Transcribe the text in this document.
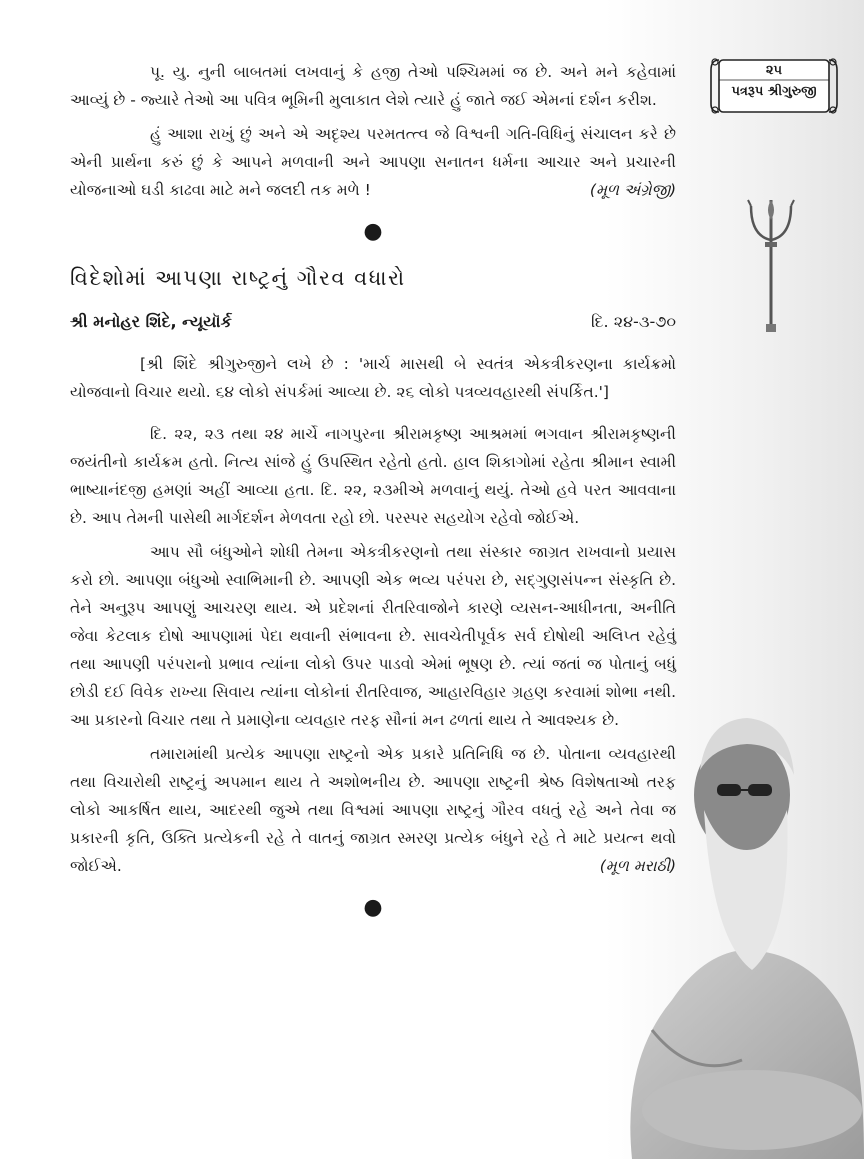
૨૫
પત્રરૂપ શ્રીગુરુજી

પૂ. યુ. નુની બાબતમાં લખવાનું કે હજી તેઓ પશ્ચિમમાં જ છે. અને મને કહેવામાં આવ્યું છે - જ્યારે તેઓ આ પવિત્ર ભૂમિની મુલાકાત લેશે ત્યારે હું જાતે જઈ એમનાં દર્શન કરીશ.

હું આશા રાખું છું અને એ અદૃશ્ય પરમતત્ત્વ જે વિશ્વની ગતિ-વિધિનું સંચાલન કરે છે એની પ્રાર્થના કરું છું કે આપને મળવાની અને આપણા સનાતન ધર્મના આચાર અને પ્રચારની યોજનાઓ ઘડી કાઢવા માટે મને જલદી તક મળે !	(મૂળ અંગ્રેજી)

●
વિદેશોમાં આપણા રાષ્ટ્રનું ગૌરવ વધારો
શ્રી મનોહર શિંદે, ન્યૂયૉર્ક	દિ. ૨૪-૩-૭૦

[શ્રી શિંદે શ્રીગુરુજીને લખે છે : 'માર્ચ માસથી બે સ્વતંત્ર એકત્રીકરણના કાર્યક્રમો યોજવાનો વિચાર થયો. ૬૪ લોકો સંપર્કમાં આવ્યા છે. ૨૬ લોકો પત્રવ્યવહારથી સંપર્કિત.']

દિ. ૨૨, ૨૩ તથા ૨૪ માર્ચે નાગપુરના શ્રીરામકૃષ્ણ આશ્રમમાં ભગવાન શ્રીરામકૃષ્ણની જયંતીનો કાર્યક્રમ હતો. નિત્ય સાંજે હું ઉપસ્થિત રહેતો હતો. હાલ શિકાગોમાં રહેતા શ્રીમાન સ્વામી ભાષ્યાનંદજી હમણાં અહીં આવ્યા હતા. દિ. ૨૨, ૨૩મીએ મળવાનું થયું. તેઓ હવે પરત આવવાના છે. આપ તેમની પાસેથી માર્ગદર્શન મેળવતા રહો છો. પરસ્પર સહયોગ રહેવો જોઈએ.

આપ સૌ બંધુઓને શોધી તેમના એકત્રીકરણનો તથા સંસ્કાર જાગ્રત રાખવાનો પ્રયાસ કરો છો. આપણા બંધુઓ સ્વાભિમાની છે. આપણી એક ભવ્ય પરંપરા છે, સદ્‌ગુણસંપન્ન સંસ્કૃતિ છે. તેને અનુરૂપ આપણું આચરણ થાય. એ પ્રદેશનાં રીતરિવાજોને કારણે વ્યસન-આધીનતા, અનીતિ જેવા કેટલાક દોષો આપણામાં પેદા થવાની સંભાવના છે. સાવચેતીપૂર્વક સર્વ દોષોથી અલિપ્ત રહેવું તથા આપણી પરંપરાનો પ્રભાવ ત્યાંના લોકો ઉપર પાડવો એમાં ભૂષણ છે. ત્યાં જતાં જ પોતાનું બધું છોડી દઈ વિવેક રાખ્યા સિવાય ત્યાંના લોકોનાં રીતરિવાજ, આહારવિહાર ગ્રહણ કરવામાં શોભા નથી. આ પ્રકારનો વિચાર તથા તે પ્રમાણેના વ્યવહાર તરફ સૌનાં મન ઢળતાં થાય તે આવશ્યક છે.

તમારામાંથી પ્રત્યેક આપણા રાષ્ટ્રનો એક પ્રકારે પ્રતિનિધિ જ છે. પોતાના વ્યવહારથી તથા વિચારોથી રાષ્ટ્રનું અપમાન થાય તે અશોભનીય છે. આપણા રાષ્ટ્રની શ્રેષ્ઠ વિશેષતાઓ તરફ લોકો આકર્ષિત થાય, આદરથી જુએ તથા વિશ્વમાં આપણા રાષ્ટ્રનું ગૌરવ વધતું રહે અને તેવા જ પ્રકારની કૃતિ, ઉક્તિ પ્રત્યેકની રહે તે વાતનું જાગ્રત સ્મરણ પ્રત્યેક બંધુને રહે તે માટે પ્રયત્ન થવો જોઈએ.	(મૂળ મરાઠી)

●
